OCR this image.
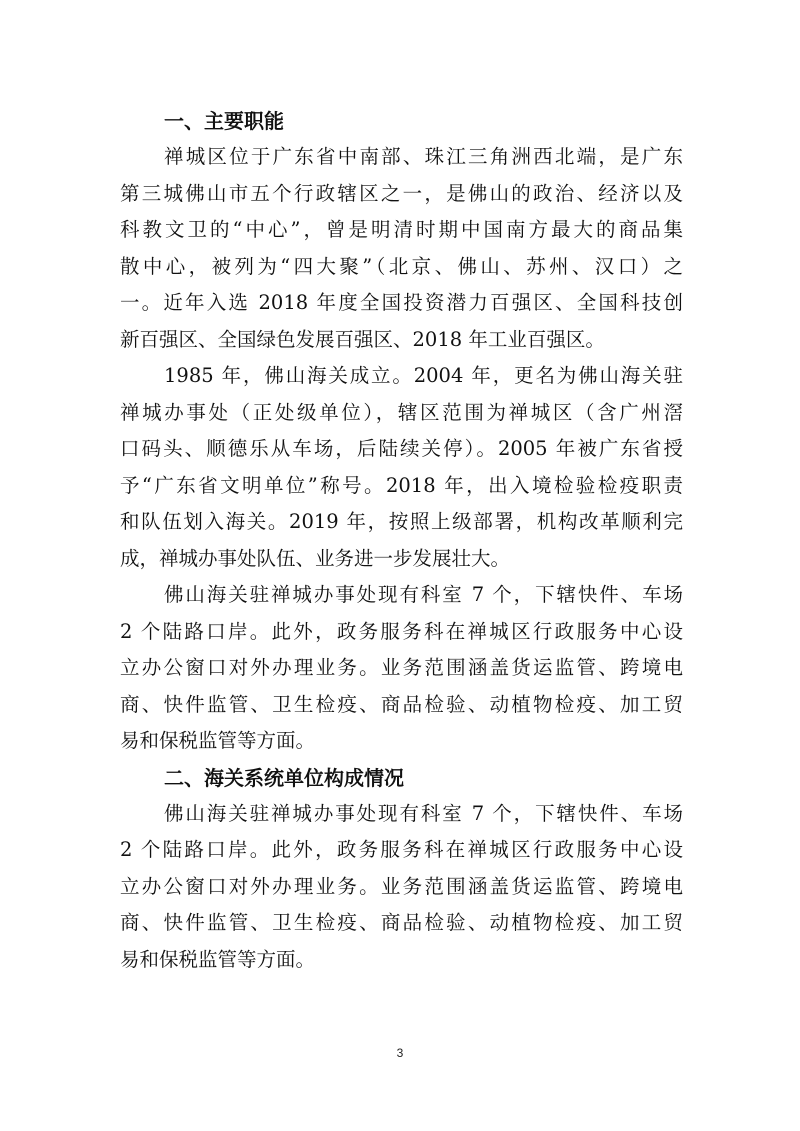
一、主要职能

禅城区位于广东省中南部、珠江三角洲西北端，是广东
第三城佛山市五个行政辖区之一，是佛山的政治、经济以及
科教文卫的“中心”，曾是明清时期中国南方最大的商品集
散中心，被列为“四大聚”（北京、佛山、苏州、汉口）之
一。近年入选 2018 年度全国投资潜力百强区、全国科技创
新百强区、全国绿色发展百强区、2018 年工业百强区。

1985 年，佛山海关成立。2004 年，更名为佛山海关驻
禅城办事处（正处级单位），辖区范围为禅城区（含广州滘
口码头、顺德乐从车场，后陆续关停）。2005 年被广东省授
予“广东省文明单位”称号。2018 年，出入境检验检疫职责
和队伍划入海关。2019 年，按照上级部署，机构改革顺利完
成，禅城办事处队伍、业务进一步发展壮大。

佛山海关驻禅城办事处现有科室 7 个，下辖快件、车场
2 个陆路口岸。此外，政务服务科在禅城区行政服务中心设
立办公窗口对外办理业务。业务范围涵盖货运监管、跨境电
商、快件监管、卫生检疫、商品检验、动植物检疫、加工贸
易和保税监管等方面。

二、海关系统单位构成情况

佛山海关驻禅城办事处现有科室 7 个，下辖快件、车场
2 个陆路口岸。此外，政务服务科在禅城区行政服务中心设
立办公窗口对外办理业务。业务范围涵盖货运监管、跨境电
商、快件监管、卫生检疫、商品检验、动植物检疫、加工贸
易和保税监管等方面。

3
